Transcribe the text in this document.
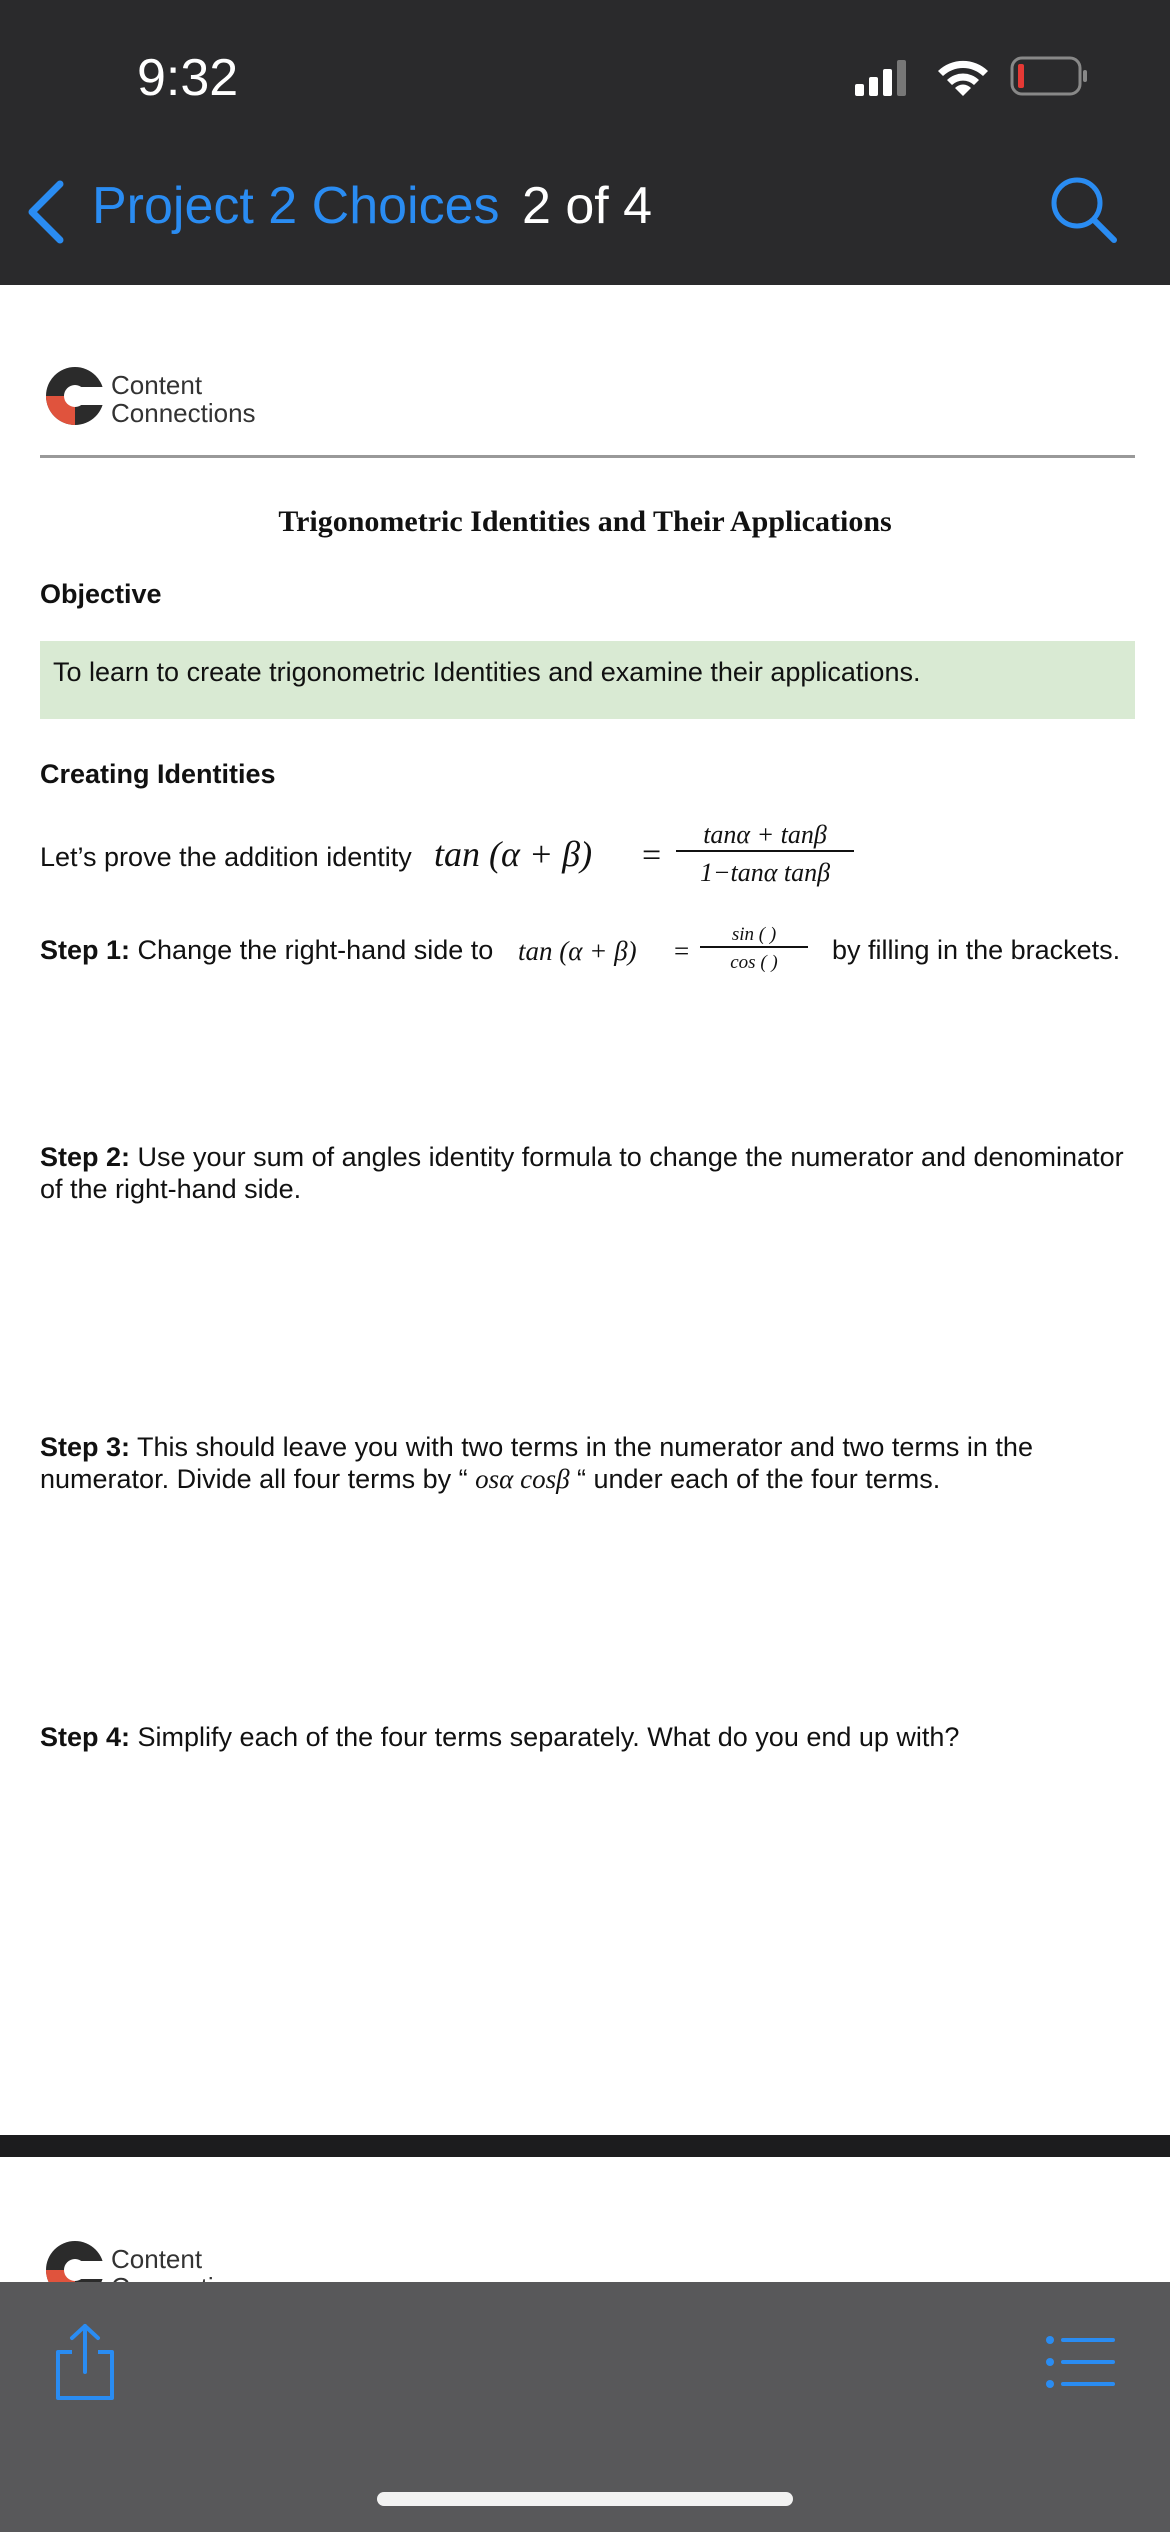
9:32
Project 2 Choices 2 of 4
Content
Connections
Trigonometric Identities and Their Applications
Objective
To learn to create trigonometric Identities and examine their applications.
Creating Identities
Let’s prove the addition identity $\tan (\alpha + \beta) = \frac{\tan\alpha + \tan\beta}{\text{1−tanα tanβ}}$
Step 1: Change the right-hand side to $\tan (\alpha + \beta) = \frac{\sin ( )}{\cos ( )}$ by filling in the brackets.
Step 2: Use your sum of angles identity formula to change the numerator and denominator of the right-hand side.
Step 3: This should leave you with two terms in the numerator and two terms in the numerator. Divide all four terms by “ osα cosβ “ under each of the four terms.
Step 4: Simplify each of the four terms separately. What do you end up with?
Content
